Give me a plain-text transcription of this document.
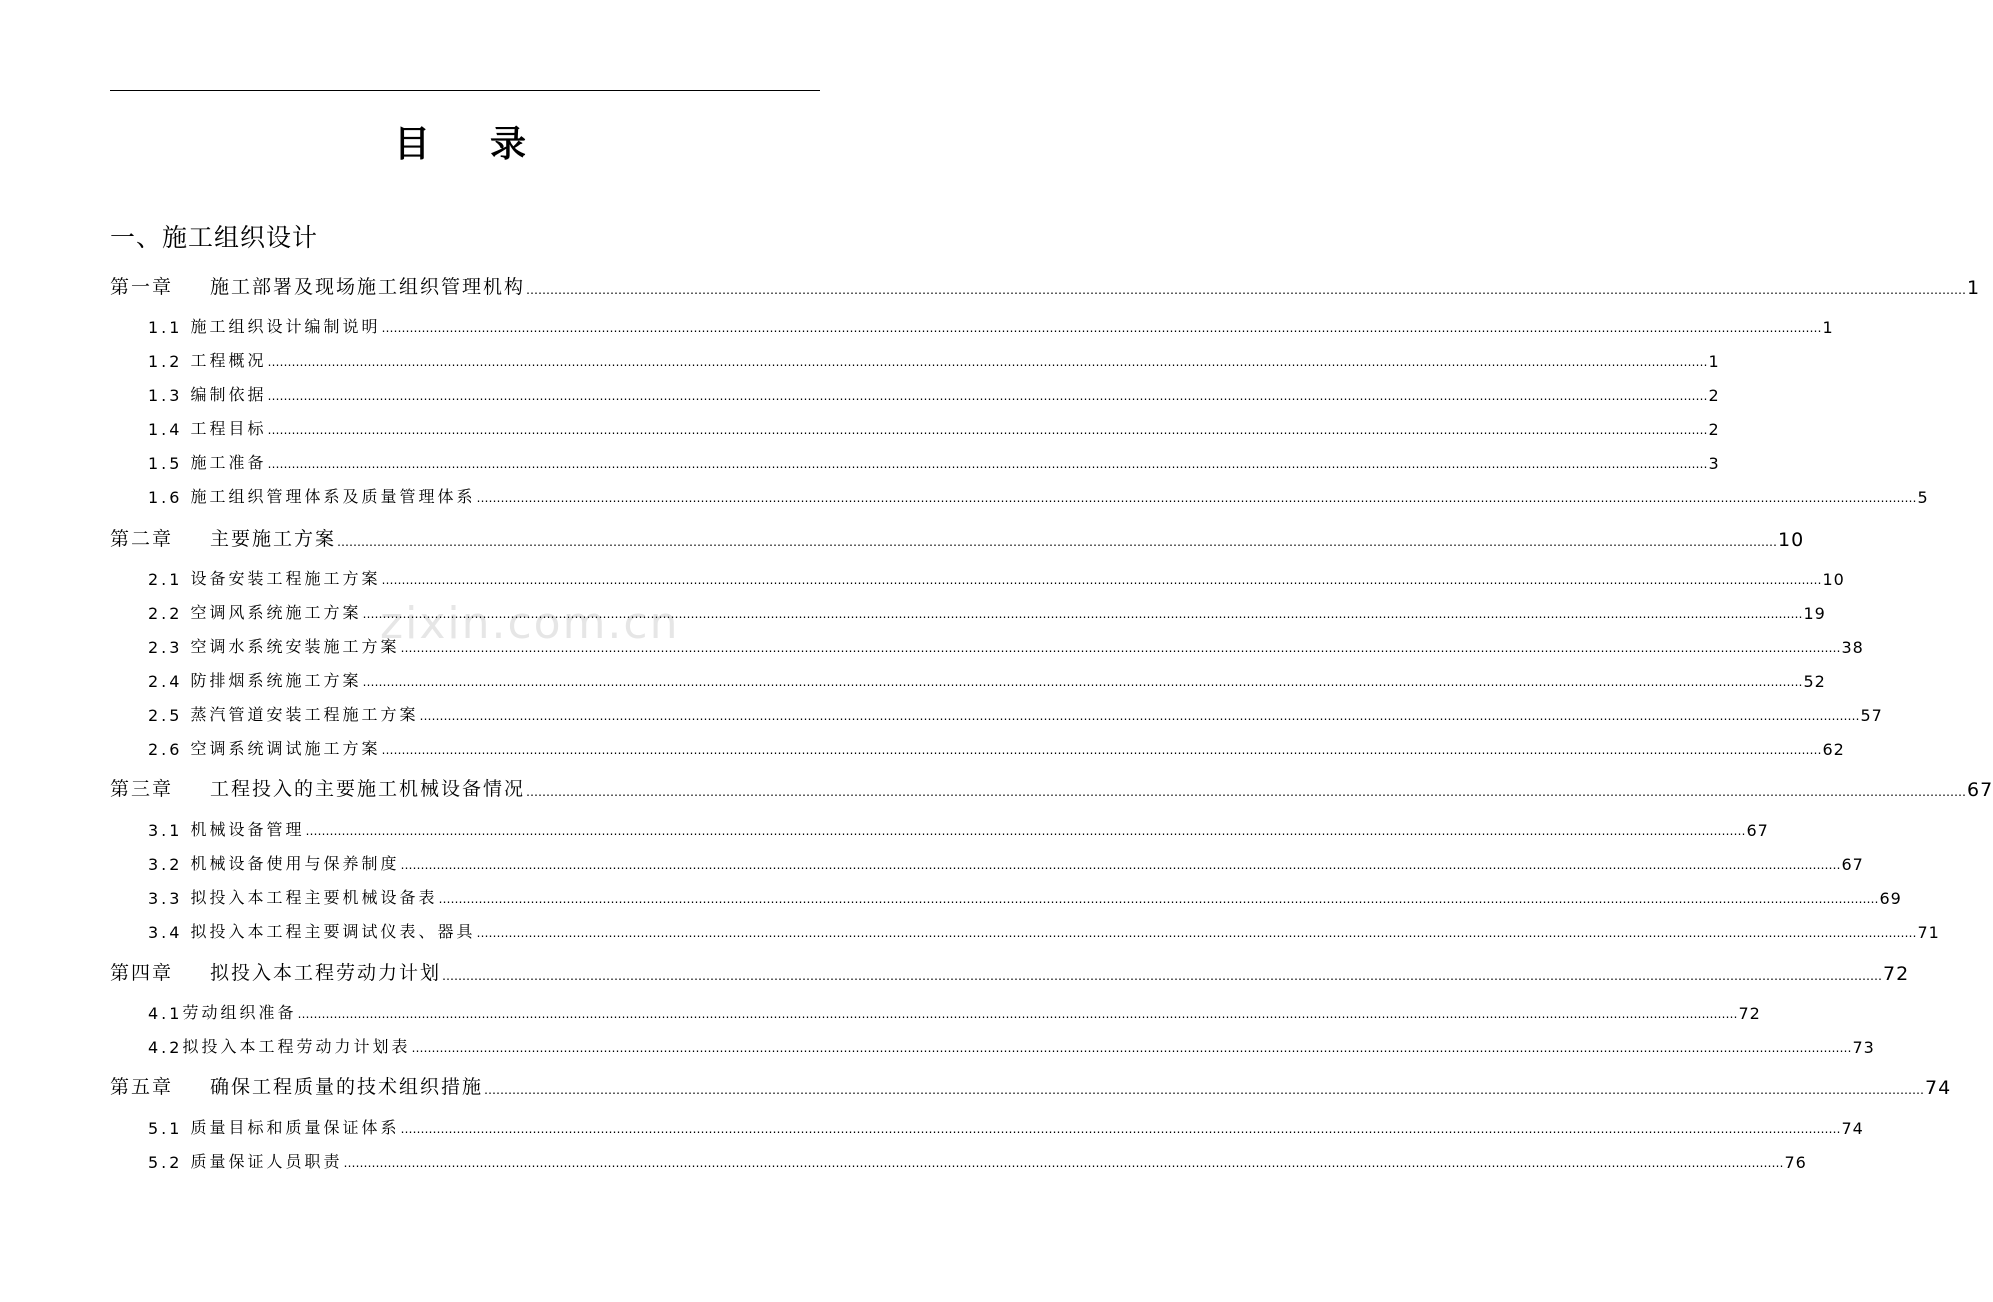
目录
一、施工组织设计
zixin.com.cn
第一章	施工部署及现场施工组织管理机构 ……………………………………………………………………………………………………………………………………………………………………………………………………………………………………………………………………………………………………………………………… 1
1.1 施工组织设计编制说明 ……………………………………………………………………………………………………………………………………………………………………………………………………………………………………………………………………………………………………………………………… 1
1.2 工程概况 ……………………………………………………………………………………………………………………………………………………………………………………………………………………………………………………………………………………………………………………………… 1
1.3 编制依据 ……………………………………………………………………………………………………………………………………………………………………………………………………………………………………………………………………………………………………………………………… 2
1.4 工程目标 ……………………………………………………………………………………………………………………………………………………………………………………………………………………………………………………………………………………………………………………………… 2
1.5 施工准备 ……………………………………………………………………………………………………………………………………………………………………………………………………………………………………………………………………………………………………………………………… 3
1.6 施工组织管理体系及质量管理体系 ……………………………………………………………………………………………………………………………………………………………………………………………………………………………………………………………………………………………………………………………… 5
第二章	主要施工方案 ……………………………………………………………………………………………………………………………………………………………………………………………………………………………………………………………………………………………………………………………… 10
2.1 设备安装工程施工方案 ……………………………………………………………………………………………………………………………………………………………………………………………………………………………………………………………………………………………………………………………… 10
2.2 空调风系统施工方案 ……………………………………………………………………………………………………………………………………………………………………………………………………………………………………………………………………………………………………………………………… 19
2.3 空调水系统安装施工方案 ……………………………………………………………………………………………………………………………………………………………………………………………………………………………………………………………………………………………………………………………… 38
2.4 防排烟系统施工方案 ……………………………………………………………………………………………………………………………………………………………………………………………………………………………………………………………………………………………………………………………… 52
2.5 蒸汽管道安装工程施工方案 ……………………………………………………………………………………………………………………………………………………………………………………………………………………………………………………………………………………………………………………………… 57
2.6 空调系统调试施工方案 ……………………………………………………………………………………………………………………………………………………………………………………………………………………………………………………………………………………………………………………………… 62
第三章	工程投入的主要施工机械设备情况 ……………………………………………………………………………………………………………………………………………………………………………………………………………………………………………………………………………………………………………………………… 67
3.1 机械设备管理 ……………………………………………………………………………………………………………………………………………………………………………………………………………………………………………………………………………………………………………………………… 67
3.2 机械设备使用与保养制度 ……………………………………………………………………………………………………………………………………………………………………………………………………………………………………………………………………………………………………………………………… 67
3.3 拟投入本工程主要机械设备表 ……………………………………………………………………………………………………………………………………………………………………………………………………………………………………………………………………………………………………………………………… 69
3.4 拟投入本工程主要调试仪表、器具 ……………………………………………………………………………………………………………………………………………………………………………………………………………………………………………………………………………………………………………………………… 71
第四章	拟投入本工程劳动力计划 ……………………………………………………………………………………………………………………………………………………………………………………………………………………………………………………………………………………………………………………………… 72
4.1 劳动组织准备 ……………………………………………………………………………………………………………………………………………………………………………………………………………………………………………………………………………………………………………………………… 72
4.2 拟投入本工程劳动力计划表 ……………………………………………………………………………………………………………………………………………………………………………………………………………………………………………………………………………………………………………………………… 73
第五章	确保工程质量的技术组织措施 ……………………………………………………………………………………………………………………………………………………………………………………………………………………………………………………………………………………………………………………………… 74
5.1 质量目标和质量保证体系 ……………………………………………………………………………………………………………………………………………………………………………………………………………………………………………………………………………………………………………………………… 74
5.2 质量保证人员职责 ……………………………………………………………………………………………………………………………………………………………………………………………………………………………………………………………………………………………………………………………… 76
